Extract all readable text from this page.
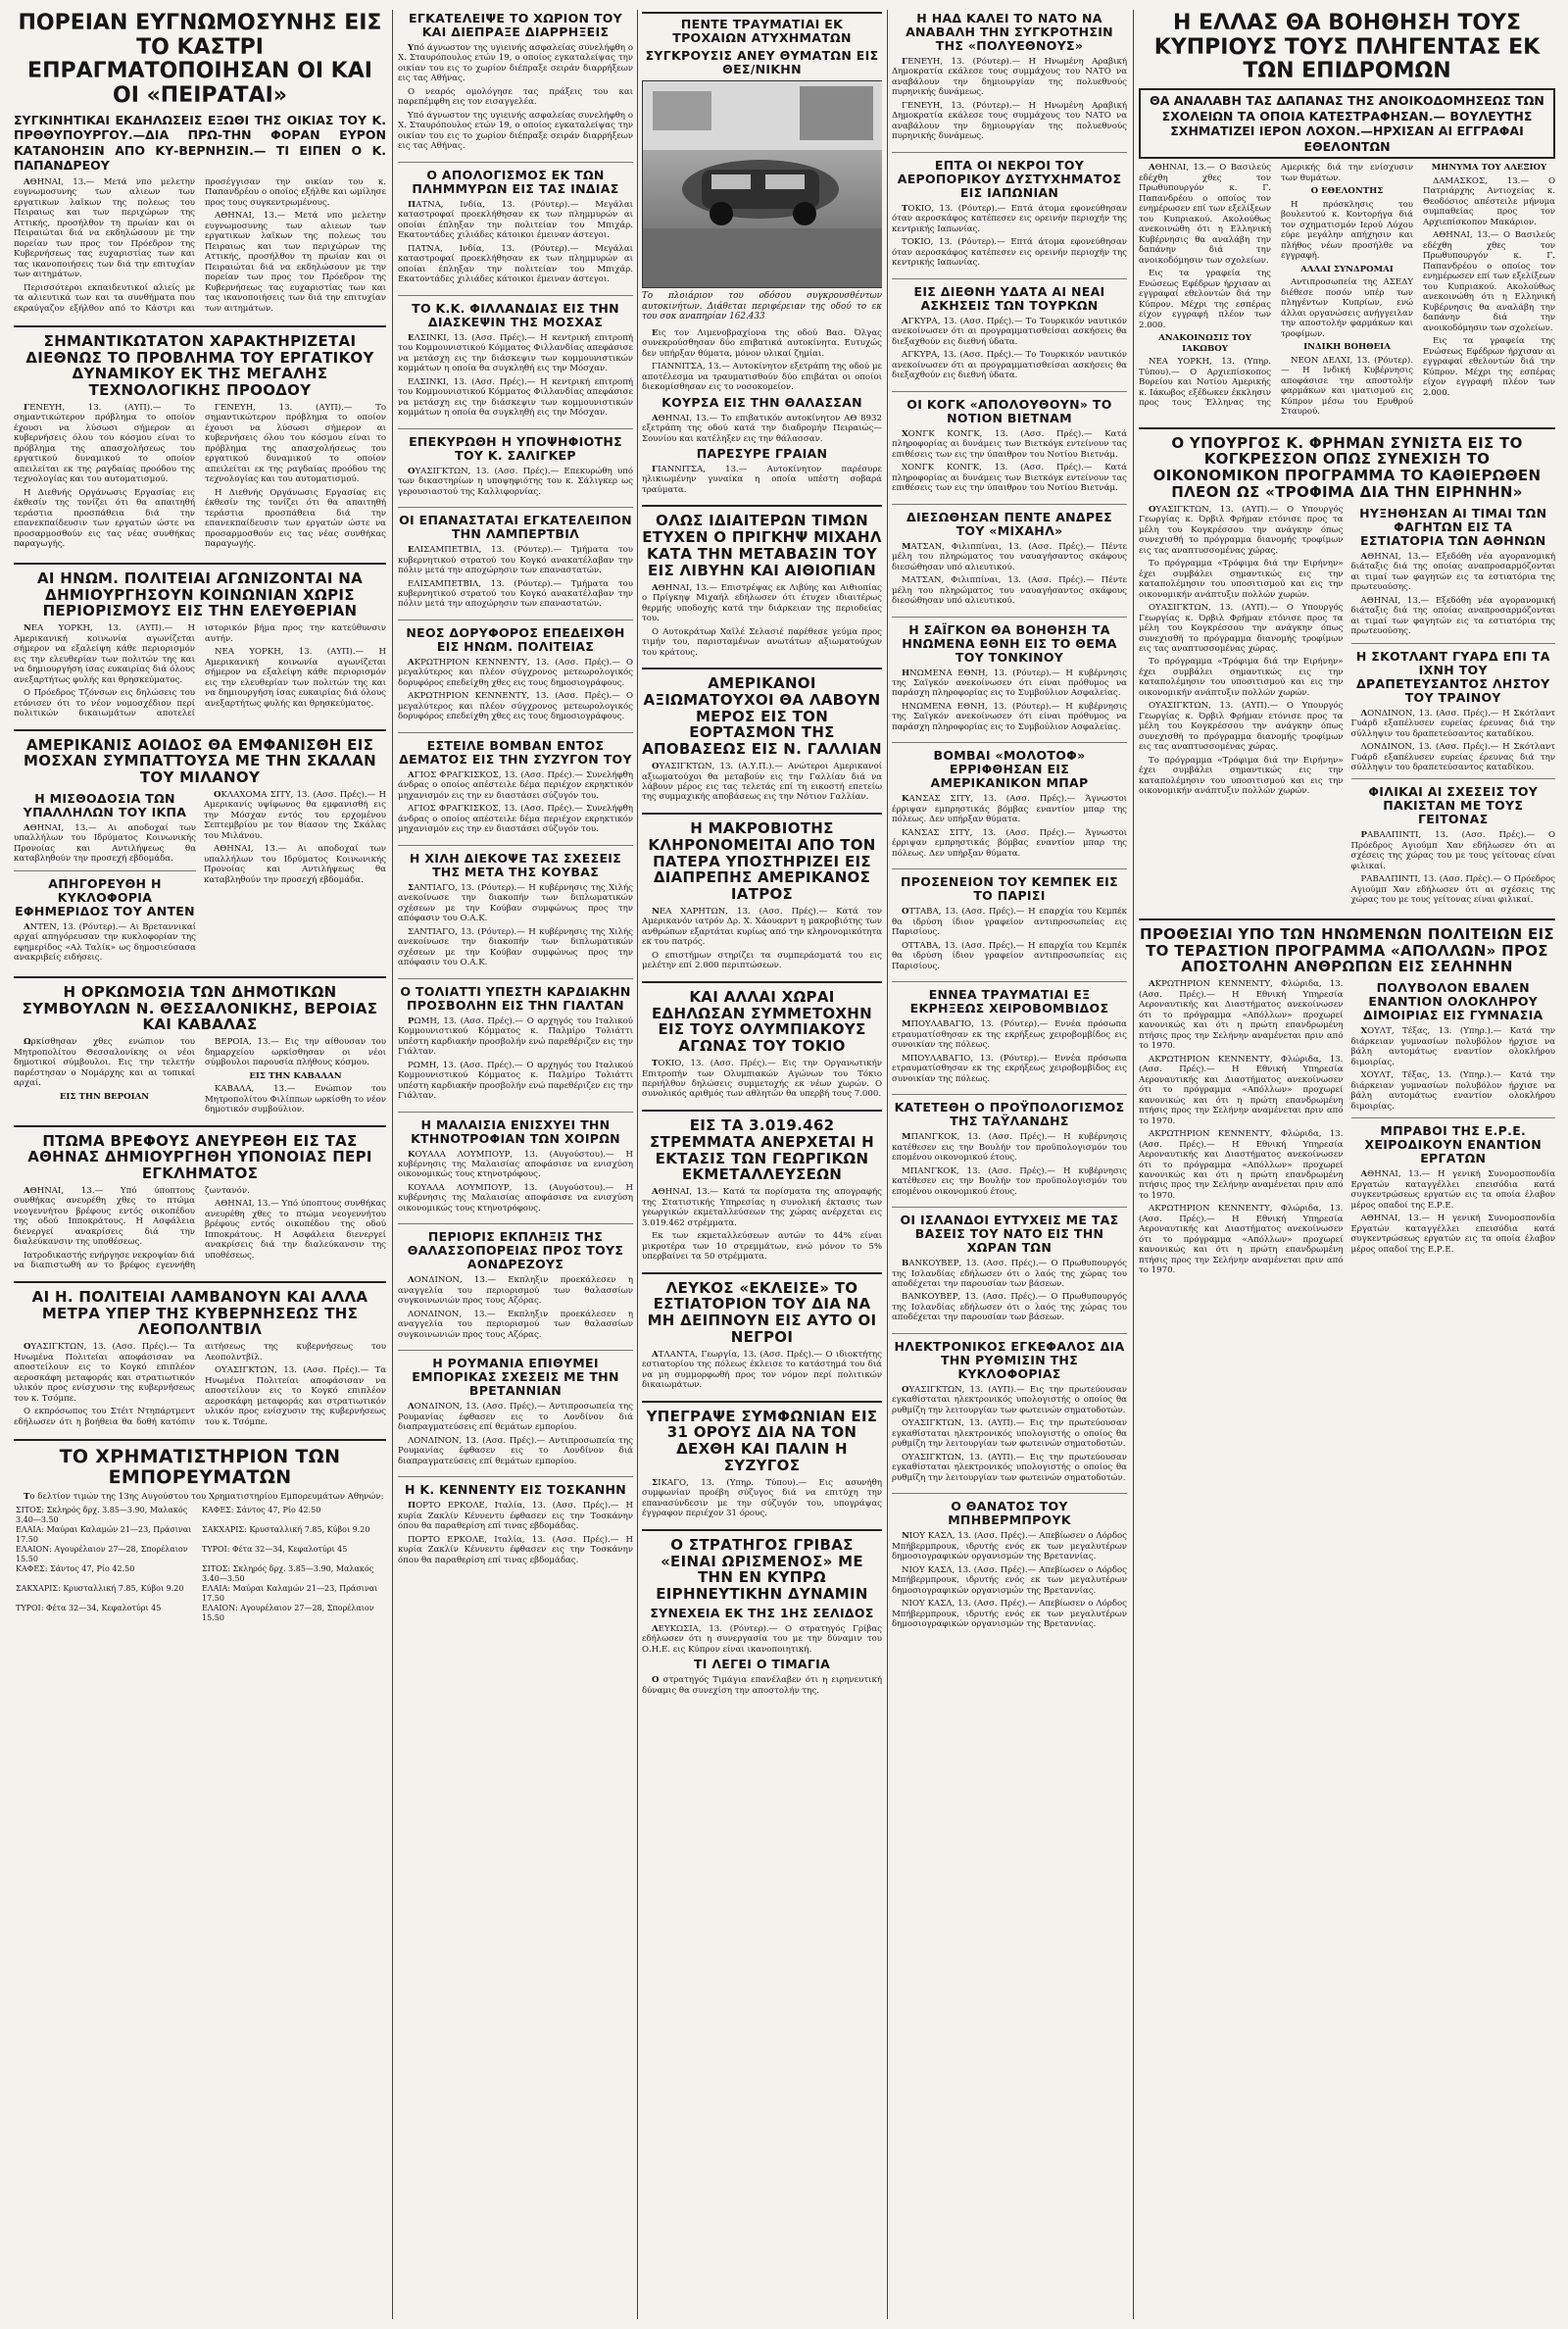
ΠΟΡΕΙΑΝ ΕΥΓΝΩΜΟΣΥΝΗΣ ΕΙΣ ΤΟ ΚΑΣΤΡΙ ΕΠΡΑΓΜΑΤΟΠΟΙΗΣΑΝ ΟΙ ΚΑΙ ΟΙ «ΠΕΙΡΑΤΑΙ»
ΣΥΓΚΙΝΗΤΙΚΑΙ ΕΚΔΗΛΩΣΕΙΣ ΕΞΩΘΙ ΤΗΣ ΟΙΚΙΑΣ ΤΟΥ Κ. ΠΡΘΘΥΠΟΥΡΓΟΥ.—ΔΙΑ ΠΡΩ-ΤΗΝ ΦΟΡΑΝ ΕΥΡΟΝ ΚΑΤΑΝΟΗΣΙΝ ΑΠΟ ΚΥ-ΒΕΡΝΗΣΙΝ.— ΤΙ ΕΙΠΕΝ Ο Κ. ΠΑΠΑΝΔΡΕΟΥ

ΑΘΗΝΑΙ, 13.— Μετά νπο μελετην ευγνωμοσυνης των αλιεων των εργατικων λαϊκων της πολεως του Πειραιως και των περιχώρων της Αττικής, προσήλθον τη πρωίαν και οι Πειραιώται διά να εκδηλώσουν με την πορείαν των προς τον Πρόεδρον της Κυβερνήσεως τας ευχαριστίας των και τας ικανοποιήσεις των διά την επιτυχίαν των αιτημάτων.

Περισσότεροι εκπαιδευτικοί αλιείς με τα αλιευτικά των και τα συνθήματα που εκραύγαζον εξήλθον από το Κάστρι και προσέγγισαν την οικίαν του κ. Παπανδρέου ο οποίος εξήλθε και ωμίλησε προς τους συγκεντρωμένους.

ΑΘΗΝΑΙ, 13.— Μετά νπο μελετην ευγνωμοσυνης των αλιεων των εργατικων λαϊκων της πολεως του Πειραιως και των περιχώρων της Αττικής, προσήλθον τη πρωίαν και οι Πειραιώται διά να εκδηλώσουν με την πορείαν των προς τον Πρόεδρον της Κυβερνήσεως τας ευχαριστίας των και τας ικανοποιήσεις των διά την επιτυχίαν των αιτημάτων.

ΣΗΜΑΝΤΙΚΩΤΑΤΟΝ ΧΑΡΑΚΤΗΡΙΖΕΤΑΙ ΔΙΕΘΝΩΣ ΤΟ ΠΡΟΒΛΗΜΑ ΤΟΥ ΕΡΓΑΤΙΚΟΥ ΔΥΝΑΜΙΚΟΥ ΕΚ ΤΗΣ ΜΕΓΑΛΗΣ ΤΕΧΝΟΛΟΓΙΚΗΣ ΠΡΟΟΔΟΥ

ΓΕΝΕΥΗ, 13. (ΑΥΠ).— Το σημαντικώτερον πρόβλημα το οποίον έχουσι να λύσωσι σήμερον αι κυβερνήσεις όλου του κόσμου είναι το πρόβλημα της απασχολήσεως του εργατικού δυναμικού το οποίον απειλείται εκ της ραγδαίας προόδου της τεχνολογίας και του αυτοματισμού.

Η Διεθνής Οργάνωσις Εργασίας εις έκθεσίν της τονίζει ότι θα απαιτηθή τεράστια προσπάθεια διά την επανεκπαίδευσιν των εργατών ώστε να προσαρμοσθούν εις τας νέας συνθήκας παραγωγής.

ΓΕΝΕΥΗ, 13. (ΑΥΠ).— Το σημαντικώτερον πρόβλημα το οποίον έχουσι να λύσωσι σήμερον αι κυβερνήσεις όλου του κόσμου είναι το πρόβλημα της απασχολήσεως του εργατικού δυναμικού το οποίον απειλείται εκ της ραγδαίας προόδου της τεχνολογίας και του αυτοματισμού.

Η Διεθνής Οργάνωσις Εργασίας εις έκθεσίν της τονίζει ότι θα απαιτηθή τεράστια προσπάθεια διά την επανεκπαίδευσιν των εργατών ώστε να προσαρμοσθούν εις τας νέας συνθήκας παραγωγής.

ΑΙ ΗΝΩΜ. ΠΟΛΙΤΕΙΑΙ ΑΓΩΝΙΖΟΝΤΑΙ ΝΑ ΔΗΜΙΟΥΡΓΗΣΟΥΝ ΚΟΙΝΩΝΙΑΝ ΧΩΡΙΣ ΠΕΡΙΟΡΙΣΜΟΥΣ ΕΙΣ ΤΗΝ ΕΛΕΥΘΕΡΙΑΝ

ΝΕΑ ΥΟΡΚΗ, 13. (ΑΥΠ).— Η Αμερικανική κοινωνία αγωνίζεται σήμερον να εξαλείψη κάθε περιορισμόν εις την ελευθερίαν των πολιτών της και να δημιουργήση ίσας ευκαιρίας διά όλους ανεξαρτήτως φυλής και θρησκεύματος.

Ο Πρόεδρος Τζόνσων εις δηλώσεις του ετόνισεν ότι το νέον νομοσχέδιον περί πολιτικών δικαιωμάτων αποτελεί ιστορικόν βήμα προς την κατεύθυνσιν αυτήν.

ΝΕΑ ΥΟΡΚΗ, 13. (ΑΥΠ).— Η Αμερικανική κοινωνία αγωνίζεται σήμερον να εξαλείψη κάθε περιορισμόν εις την ελευθερίαν των πολιτών της και να δημιουργήση ίσας ευκαιρίας διά όλους ανεξαρτήτως φυλής και θρησκεύματος.

ΑΜΕΡΙΚΑΝΙΣ ΑΟΙΔΟΣ ΘΑ ΕΜΦΑΝΙΣΘΗ ΕΙΣ ΜΟΣΧΑΝ ΣΥΜΠΑΤΤΟΥΣΑ ΜΕ ΤΗΝ ΣΚΑΛΑΝ ΤΟΥ ΜΙΛΑΝΟΥ
Η ΜΙΣΘΟΔΟΣΙΑ ΤΩΝ ΥΠΑΛΛΗΛΩΝ ΤΟΥ ΙΚΠΑ

ΑΘΗΝΑΙ, 13.— Αι αποδοχαί των υπαλλήλων του Ιδρύματος Κοινωνικής Προνοίας και Αντιλήψεως θα καταβληθούν την προσεχή εβδομάδα.

ΑΠΗΓΟΡΕΥΘΗ Η ΚΥΚΛΟΦΟΡΙΑ ΕΦΗΜΕΡΙΔΟΣ ΤΟΥ ΑΝΤΕΝ

ΑΝΤΕΝ, 13. (Ρόυτερ).— Αι Βρεταννικαί αρχαί απηγόρευσαν την κυκλοφορίαν της εφημερίδος «Αλ Ταλίκ» ως δημοσιεύσασα ανακριβείς ειδήσεις.

ΟΚΛΑΧΟΜΑ ΣΙΤΥ, 13. (Ασσ. Πρές).— Η Αμερικανίς υψίφωνος θα εμφανισθή εις την Μόσχαν εντός του ερχομένου Σεπτεμβρίου με τον θίασον της Σκάλας του Μιλάνου.

ΑΘΗΝΑΙ, 13.— Αι αποδοχαί των υπαλλήλων του Ιδρύματος Κοινωνικής Προνοίας και Αντιλήψεως θα καταβληθούν την προσεχή εβδομάδα.

Η ΟΡΚΩΜΟΣΙΑ ΤΩΝ ΔΗΜΟΤΙΚΩΝ ΣΥΜΒΟΥΛΩΝ Ν. ΘΕΣΣΑΛΟΝΙΚΗΣ, ΒΕΡΟΙΑΣ ΚΑΙ ΚΑΒΑΛΑΣ

Ωρκίσθησαν χθες ενώπιον του Μητροπολίτου Θεσσαλονίκης οι νέοι δημοτικοί σύμβουλοι. Εις την τελετήν παρέστησαν ο Νομάρχης και αι τοπικαί αρχαί.

ΕΙΣ ΤΗΝ ΒΕΡΟΙΑΝ

ΒΕΡΟΙΑ, 13.— Εις την αίθουσαν του δημαρχείου ωρκίσθησαν οι νέοι σύμβουλοι παρουσία πλήθους κόσμου.

ΕΙΣ ΤΗΝ ΚΑΒΑΛΑΝ

ΚΑΒΑΛΑ, 13.— Ενώπιον του Μητροπολίτου Φιλίππων ωρκίσθη το νέον δημοτικόν συμβούλιον.

ΠΤΩΜΑ ΒΡΕΦΟΥΣ ΑΝΕΥΡΕΘΗ ΕΙΣ ΤΑΣ ΑΘΗΝΑΣ ΔΗΜΙΟΥΡΓΗΘΗ ΥΠΟΝΟΙΑΣ ΠΕΡΙ ΕΓΚΛΗΜΑΤΟΣ

ΑΘΗΝΑΙ, 13.— Υπό ύποπτους συνθήκας ανευρέθη χθες το πτώμα νεογεννήτου βρέφους εντός οικοπέδου της οδού Ιπποκράτους. Η Ασφάλεια διενεργεί ανακρίσεις διά την διαλεύκανσιν της υποθέσεως.

Ιατροδικαστής ενήργησε νεκροψίαν διά να διαπιστωθή αν το βρέφος εγεννήθη ζωντανόν.

ΑΘΗΝΑΙ, 13.— Υπό ύποπτους συνθήκας ανευρέθη χθες το πτώμα νεογεννήτου βρέφους εντός οικοπέδου της οδού Ιπποκράτους. Η Ασφάλεια διενεργεί ανακρίσεις διά την διαλεύκανσιν της υποθέσεως.

ΑΙ Η. ΠΟΛΙΤΕΙΑΙ ΛΑΜΒΑΝΟΥΝ ΚΑΙ ΑΛΛΑ ΜΕΤΡΑ ΥΠΕΡ ΤΗΣ ΚΥΒΕΡΝΗΣΕΩΣ ΤΗΣ ΛΕΟΠΟΛΝΤΒΙΛ

ΟΥΑΣΙΓΚΤΩΝ, 13. (Ασσ. Πρές).— Τα Ηνωμένα Πολιτείαι αποφάσισαν να αποστείλουν εις το Κογκό επιπλέον αεροσκάφη μεταφοράς και στρατιωτικόν υλικόν προς ενίσχυσιν της κυβερνήσεως του κ. Τσόμπε.

Ο εκπρόσωπος του Στέιτ Ντηπάρτμεντ εδήλωσεν ότι η βοήθεια θα δοθή κατόπιν αιτήσεως της κυβερνήσεως του Λεοπολντβίλ.

ΟΥΑΣΙΓΚΤΩΝ, 13. (Ασσ. Πρές).— Τα Ηνωμένα Πολιτείαι αποφάσισαν να αποστείλουν εις το Κογκό επιπλέον αεροσκάφη μεταφοράς και στρατιωτικόν υλικόν προς ενίσχυσιν της κυβερνήσεως του κ. Τσόμπε.

ΤΟ ΧΡΗΜΑΤΙΣΤΗΡΙΟΝ ΤΩΝ ΕΜΠΟΡΕΥΜΑΤΩΝ

Το δελτίον τιμών της 13ης Αυγούστου του Χρηματιστηρίου Εμπορευμάτων Αθηνών:

ΣΙΤΟΣ: Σκληρός δρχ. 3.85—3.90, Μαλακός 3.40—3.50	ΚΑΦΕΣ: Σάντος 47, Ρίο 42.50
ΕΛΑΙΑ: Μαύραι Καλαμών 21—23, Πράσιναι 17.50	ΣΑΚΧΑΡΙΣ: Κρυσταλλική 7.85, Κύβοι 9.20
ΕΛΑΙΟΝ: Αγουρέλαιον 27—28, Σπορέλαιον 15.50	ΤΥΡΟΙ: Φέτα 32—34, Κεφαλοτύρι 45
ΚΑΦΕΣ: Σάντος 47, Ρίο 42.50	ΣΙΤΟΣ: Σκληρός δρχ. 3.85—3.90, Μαλακός 3.40—3.50
ΣΑΚΧΑΡΙΣ: Κρυσταλλική 7.85, Κύβοι 9.20	ΕΛΑΙΑ: Μαύραι Καλαμών 21—23, Πράσιναι 17.50
ΤΥΡΟΙ: Φέτα 32—34, Κεφαλοτύρι 45	ΕΛΑΙΟΝ: Αγουρέλαιον 27—28, Σπορέλαιον 15.50
ΕΓΚΑΤΕΛΕΙΨΕ ΤΟ ΧΩΡΙΟΝ ΤΟΥ ΚΑΙ ΔΙΕΠΡΑΞΕ ΔΙΑΡΡΗΞΕΙΣ

Υπό άγνωστον της υγιεινής ασφαλείας συνελήφθη ο Χ. Σταυρόπουλος ετών 19, ο οποίος εγκαταλείψας την οικίαν του εις το χωρίον διέπραξε σειράν διαρρήξεων εις τας Αθήνας.

Ο νεαρός ομολόγησε τας πράξεις του και παρεπέμφθη εις τον εισαγγελέα.

Υπό άγνωστον της υγιεινής ασφαλείας συνελήφθη ο Χ. Σταυρόπουλος ετών 19, ο οποίος εγκαταλείψας την οικίαν του εις το χωρίον διέπραξε σειράν διαρρήξεων εις τας Αθήνας.

Ο ΑΠΟΛΟΓΙΣΜΟΣ ΕΚ ΤΩΝ ΠΛΗΜΜΥΡΩΝ ΕΙΣ ΤΑΣ ΙΝΔΙΑΣ

ΠΑΤΝΑ, Ινδία, 13. (Ρόυτερ).— Μεγάλαι καταστροφαί προεκλήθησαν εκ των πλημμυρών αι οποίαι έπληξαν την πολιτείαν του Μπιχάρ. Εκατοντάδες χιλιάδες κάτοικοι έμειναν άστεγοι.

ΠΑΤΝΑ, Ινδία, 13. (Ρόυτερ).— Μεγάλαι καταστροφαί προεκλήθησαν εκ των πλημμυρών αι οποίαι έπληξαν την πολιτείαν του Μπιχάρ. Εκατοντάδες χιλιάδες κάτοικοι έμειναν άστεγοι.

ΤΟ Κ.Κ. ΦΙΛΛΑΝΔΙΑΣ ΕΙΣ ΤΗΝ ΔΙΑΣΚΕΨΙΝ ΤΗΣ ΜΟΣΧΑΣ

ΕΛΣΙΝΚΙ, 13. (Ασσ. Πρές).— Η κεντρική επιτροπή του Κομμουνιστικού Κόμματος Φιλλανδίας απεφάσισε να μετάσχη εις την διάσκεψιν των κομμουνιστικών κομμάτων η οποία θα συγκληθή εις την Μόσχαν.

ΕΛΣΙΝΚΙ, 13. (Ασσ. Πρές).— Η κεντρική επιτροπή του Κομμουνιστικού Κόμματος Φιλλανδίας απεφάσισε να μετάσχη εις την διάσκεψιν των κομμουνιστικών κομμάτων η οποία θα συγκληθή εις την Μόσχαν.

ΕΠΕΚΥΡΩΘΗ Η ΥΠΟΨΗΦΙΟΤΗΣ ΤΟΥ Κ. ΣΑΛΙΓΚΕΡ

ΟΥΑΣΙΓΚΤΩΝ, 13. (Ασσ. Πρές).— Επεκυρώθη υπό των δικαστηρίων η υποψηφιότης του κ. Σάλιγκερ ως γερουσιαστού της Καλλιφορνίας.

ΟΙ ΕΠΑΝΑΣΤΑΤΑΙ ΕΓΚΑΤΕΛΕΙΠΟΝ ΤΗΝ ΛΑΜΠΕΡΤΒΙΛ

ΕΛΙΣΑΜΠΕΤΒΙΛ, 13. (Ρόυτερ).— Τμήματα του κυβερνητικού στρατού του Κογκό ανακατέλαβαν την πόλιν μετά την αποχώρησιν των επαναστατών.

ΕΛΙΣΑΜΠΕΤΒΙΛ, 13. (Ρόυτερ).— Τμήματα του κυβερνητικού στρατού του Κογκό ανακατέλαβαν την πόλιν μετά την αποχώρησιν των επαναστατών.

ΝΕΟΣ ΔΟΡΥΦΟΡΟΣ ΕΠΕΔΕΙΧΘΗ ΕΙΣ ΗΝΩΜ. ΠΟΛΙΤΕΙΑΣ

ΑΚΡΩΤΗΡΙΟΝ ΚΕΝΝΕΝΤΥ, 13. (Ασσ. Πρές).— Ο μεγαλύτερος και πλέον σύγχρονος μετεωρολογικός δορυφόρος επεδείχθη χθες εις τους δημοσιογράφους.

ΑΚΡΩΤΗΡΙΟΝ ΚΕΝΝΕΝΤΥ, 13. (Ασσ. Πρές).— Ο μεγαλύτερος και πλέον σύγχρονος μετεωρολογικός δορυφόρος επεδείχθη χθες εις τους δημοσιογράφους.

ΕΣΤΕΙΛΕ ΒΟΜΒΑΝ ΕΝΤΟΣ ΔΕΜΑΤΟΣ ΕΙΣ ΤΗΝ ΣΥΖΥΓΟΝ ΤΟΥ

ΑΓΙΟΣ ΦΡΑΓΚΙΣΚΟΣ, 13. (Ασσ. Πρές).— Συνελήφθη άνδρας ο οποίος απέστειλε δέμα περιέχον εκρηκτικόν μηχανισμόν εις την εν διαστάσει σύζυγόν του.

ΑΓΙΟΣ ΦΡΑΓΚΙΣΚΟΣ, 13. (Ασσ. Πρές).— Συνελήφθη άνδρας ο οποίος απέστειλε δέμα περιέχον εκρηκτικόν μηχανισμόν εις την εν διαστάσει σύζυγόν του.

Η ΧΙΛΗ ΔΙΕΚΟΨΕ ΤΑΣ ΣΧΕΣΕΙΣ ΤΗΣ ΜΕΤΑ ΤΗΣ ΚΟΥΒΑΣ

ΣΑΝΤΙΑΓΟ, 13. (Ρόυτερ).— Η κυβέρνησις της Χιλής ανεκοίνωσε την διακοπήν των διπλωματικών σχέσεων με την Κούβαν συμφώνως προς την απόφασιν του Ο.Α.Κ.

ΣΑΝΤΙΑΓΟ, 13. (Ρόυτερ).— Η κυβέρνησις της Χιλής ανεκοίνωσε την διακοπήν των διπλωματικών σχέσεων με την Κούβαν συμφώνως προς την απόφασιν του Ο.Α.Κ.

Ο ΤΟΛΙΑΤΤΙ ΥΠΕΣΤΗ ΚΑΡΔΙΑΚΗΝ ΠΡΟΣΒΟΛΗΝ ΕΙΣ ΤΗΝ ΓΙΑΛΤΑΝ

ΡΩΜΗ, 13. (Ασσ. Πρές).— Ο αρχηγός του Ιταλικού Κομμουνιστικού Κόμματος κ. Παλμίρο Τολιάττι υπέστη καρδιακήν προσβολήν ενώ παρεθέριζεν εις την Γιάλταν.

ΡΩΜΗ, 13. (Ασσ. Πρές).— Ο αρχηγός του Ιταλικού Κομμουνιστικού Κόμματος κ. Παλμίρο Τολιάττι υπέστη καρδιακήν προσβολήν ενώ παρεθέριζεν εις την Γιάλταν.

Η ΜΑΛΑΙΣΙΑ ΕΝΙΣΧΥΕΙ ΤΗΝ ΚΤΗΝΟΤΡΟΦΙΑΝ ΤΩΝ ΧΟΙΡΩΝ

ΚΟΥΑΛΑ ΛΟΥΜΠΟΥΡ, 13. (Αυγούστου).— Η κυβέρνησις της Μαλαισίας αποφάσισε να ενισχύση οικονομικώς τους κτηνοτρόφους.

ΚΟΥΑΛΑ ΛΟΥΜΠΟΥΡ, 13. (Αυγούστου).— Η κυβέρνησις της Μαλαισίας αποφάσισε να ενισχύση οικονομικώς τους κτηνοτρόφους.

ΠΕΡΙΟΡΙΣ ΕΚΠΛΗΞΙΣ ΤΗΣ ΘΑΛΑΣΣΟΠΟΡΕΙΑΣ ΠΡΟΣ ΤΟΥΣ ΑΟΝΔΡΕΖΟΥΣ

ΛΟΝΔΙΝΟΝ, 13.— Εκπληξιν προεκάλεσεν η αναγγελία του περιορισμού των θαλασσίων συγκοινωνιών προς τους Αζόρας.

ΛΟΝΔΙΝΟΝ, 13.— Εκπληξιν προεκάλεσεν η αναγγελία του περιορισμού των θαλασσίων συγκοινωνιών προς τους Αζόρας.

Η ΡΟΥΜΑΝΙΑ ΕΠΙΘΥΜΕΙ ΕΜΠΟΡΙΚΑΣ ΣΧΕΣΕΙΣ ΜΕ ΤΗΝ ΒΡΕΤΑΝΝΙΑΝ

ΛΟΝΔΙΝΟΝ, 13. (Ασσ. Πρές).— Αντιπροσωπεία της Ρουμανίας έφθασεν εις το Λονδίνον διά διαπραγματεύσεις επί θεμάτων εμπορίου.

ΛΟΝΔΙΝΟΝ, 13. (Ασσ. Πρές).— Αντιπροσωπεία της Ρουμανίας έφθασεν εις το Λονδίνον διά διαπραγματεύσεις επί θεμάτων εμπορίου.

Η Κ. ΚΕΝΝΕΝΤΥ ΕΙΣ ΤΟΣΚΑΝΗΝ

ΠΟΡΤΟ ΕΡΚΟΛΕ, Ιταλία, 13. (Ασσ. Πρές).— Η κυρία Ζακλίν Κέννεντυ έφθασεν εις την Τοσκάνην όπου θα παραθερίση επί τινας εβδομάδας.

ΠΟΡΤΟ ΕΡΚΟΛΕ, Ιταλία, 13. (Ασσ. Πρές).— Η κυρία Ζακλίν Κέννεντυ έφθασεν εις την Τοσκάνην όπου θα παραθερίση επί τινας εβδομάδας.

ΠΕΝΤΕ ΤΡΑΥΜΑΤΙΑΙ ΕΚ ΤΡΟΧΑΙΩΝ ΑΤΥΧΗΜΑΤΩΝ
ΣΥΓΚΡΟΥΣΙΣ ΑΝΕΥ ΘΥΜΑΤΩΝ ΕΙΣ ΘΕΣ/ΝΙΚΗΝ
Το πλοιάριον του οδόσου συγκρουσθέντων αυτοκινήτων. Διάθεται περιφέρειαν της οδού το εκ του σοκ αναπηρίαν 162.433

Εις τον Λιμενοβραχίονα της οδού Βασ. Όλγας συνεκρούσθησαν δύο επιβατικά αυτοκίνητα. Ευτυχώς δεν υπήρξαν θύματα, μόνον υλικαί ζημίαι.

ΓΙΑΝΝΙΤΣΑ, 13.— Αυτοκίνητον εξετράπη της οδού με αποτέλεσμα να τραυματισθούν δύο επιβάται οι οποίοι διεκομίσθησαν εις το νοσοκομείον.

ΚΟΥΡΣΑ ΕΙΣ ΤΗΝ ΘΑΛΑΣΣΑΝ

ΑΘΗΝΑΙ, 13.— Το επιβατικόν αυτοκίνητον ΑΘ 8932 εξετράπη της οδού κατά την διαδρομήν Πειραιώς—Σουνίου και κατέληξεν εις την θάλασσαν.

ΠΑΡΕΣΥΡΕ ΓΡΑΙΑΝ

ΓΙΑΝΝΙΤΣΑ, 13.— Αυτοκίνητον παρέσυρε ηλικιωμένην γυναίκα η οποία υπέστη σοβαρά τραύματα.

ΟΛΩΣ ΙΔΙΑΙΤΕΡΩΝ ΤΙΜΩΝ ΕΤΥΧΕΝ Ο ΠΡΙΓΚΗΨ ΜΙΧΑΗΛ ΚΑΤΑ ΤΗΝ ΜΕΤΑΒΑΣΙΝ ΤΟΥ ΕΙΣ ΛΙΒΥΗΝ ΚΑΙ ΑΙΘΙΟΠΙΑΝ

ΑΘΗΝΑΙ, 13.— Επιστρέψας εκ Λιβύης και Αιθιοπίας ο Πρίγκηψ Μιχαήλ εδήλωσεν ότι έτυχεν ιδιαιτέρως θερμής υποδοχής κατά την διάρκειαν της περιοδείας του.

Ο Αυτοκράτωρ Χαϊλέ Σελασιέ παρέθεσε γεύμα προς τιμήν του, παρισταμένων ανωτάτων αξιωματούχων του κράτους.

ΑΜΕΡΙΚΑΝΟΙ ΑΞΙΩΜΑΤΟΥΧΟΙ ΘΑ ΛΑΒΟΥΝ ΜΕΡΟΣ ΕΙΣ ΤΟΝ ΕΟΡΤΑΣΜΟΝ ΤΗΣ ΑΠΟΒΑΣΕΩΣ ΕΙΣ Ν. ΓΑΛΛΙΑΝ

ΟΥΑΣΙΓΚΤΩΝ, 13. (Α.Υ.Π.).— Ανώτεροι Αμερικανοί αξιωματούχοι θα μεταβούν εις την Γαλλίαν διά να λάβουν μέρος εις τας τελετάς επί τη εικοστή επετείω της συμμαχικής αποβάσεως εις την Νότιον Γαλλίαν.

Η ΜΑΚΡΟΒΙΟΤΗΣ ΚΛΗΡΟΝΟΜΕΙΤΑΙ ΑΠΟ ΤΟΝ ΠΑΤΕΡΑ ΥΠΟΣΤΗΡΙΖΕΙ ΕΙΣ ΔΙΑΠΡΕΠΗΣ ΑΜΕΡΙΚΑΝΟΣ ΙΑΤΡΟΣ

ΝΕΑ ΧΑΡΗΤΩΝ, 13. (Ασσ. Πρές).— Κατά τον Αμερικανόν ιατρόν Δρ. Χ. Χάουαρντ η μακροβιότης των ανθρώπων εξαρτάται κυρίως από την κληρονομικότητα εκ του πατρός.

Ο επιστήμων στηρίζει τα συμπεράσματά του εις μελέτην επί 2.000 περιπτώσεων.

ΚΑΙ ΑΛΛΑΙ ΧΩΡΑΙ ΕΔΗΛΩΣΑΝ ΣΥΜΜΕΤΟΧΗΝ ΕΙΣ ΤΟΥΣ ΟΛΥΜΠΙΑΚΟΥΣ ΑΓΩΝΑΣ ΤΟΥ ΤΟΚΙΟ

ΤΟΚΙΟ, 13. (Ασσ. Πρές).— Εις την Οργανωτικήν Επιτροπήν των Ολυμπιακών Αγώνων του Τόκιο περιήλθον δηλώσεις συμμετοχής εκ νέων χωρών. Ο συνολικός αριθμός των αθλητών θα υπερβή τους 7.000.

ΕΙΣ ΤΑ 3.019.462 ΣΤΡΕΜΜΑΤΑ ΑΝΕΡΧΕΤΑΙ Η ΕΚΤΑΣΙΣ ΤΩΝ ΓΕΩΡΓΙΚΩΝ ΕΚΜΕΤΑΛΛΕΥΣΕΩΝ

ΑΘΗΝΑΙ, 13.— Κατά τα πορίσματα της απογραφής της Στατιστικής Υπηρεσίας η συνολική έκτασις των γεωργικών εκμεταλλεύσεων της χώρας ανέρχεται εις 3.019.462 στρέμματα.

Εκ των εκμεταλλεύσεων αυτών το 44% είναι μικροτέρα των 10 στρεμμάτων, ενώ μόνον το 5% υπερβαίνει τα 50 στρέμματα.

ΛΕΥΚΟΣ «ΕΚΛΕΙΣΕ» ΤΟ ΕΣΤΙΑΤΟΡΙΟΝ ΤΟΥ ΔΙΑ ΝΑ ΜΗ ΔΕΙΠΝΟΥΝ ΕΙΣ ΑΥΤΟ ΟΙ ΝΕΓΡΟΙ

ΑΤΛΑΝΤΑ, Γεωργία, 13. (Ασσ. Πρές).— Ο ιδιοκτήτης εστιατορίου της πόλεως έκλεισε το κατάστημά του διά να μη συμμορφωθή προς τον νόμον περί πολιτικών δικαιωμάτων.

ΥΠΕΓΡΑΨΕ ΣΥΜΦΩΝΙΑΝ ΕΙΣ 31 ΟΡΟΥΣ ΔΙΑ ΝΑ ΤΟΝ ΔΕΧΘΗ ΚΑΙ ΠΑΛΙΝ Η ΣΥΖΥΓΟΣ

ΣΙΚΑΓΟ, 13. (Υπηρ. Τύπου).— Εις ασυνήθη συμφωνίαν προέβη σύζυγος διά να επιτύχη την επανασύνδεσιν με την σύζυγόν του, υπογράψας έγγραφον περιέχον 31 όρους.

Ο ΣΤΡΑΤΗΓΟΣ ΓΡΙΒΑΣ «ΕΙΝΑΙ ΩΡΙΣΜΕΝΟΣ» ΜΕ ΤΗΝ ΕΝ ΚΥΠΡΩ ΕΙΡΗΝΕΥΤΙΚΗΝ ΔΥΝΑΜΙΝ
ΣΥΝΕΧΕΙΑ ΕΚ ΤΗΣ 1ΗΣ ΣΕΛΙΔΟΣ

ΛΕΥΚΩΣΙΑ, 13. (Ρόυτερ).— Ο στρατηγός Γρίβας εδήλωσεν ότι η συνεργασία του με την δύναμιν του Ο.Η.Ε. εις Κύπρον είναι ικανοποιητική.

ΤΙ ΛΕΓΕΙ Ο ΤΙΜΑΓΙΑ

Ο στρατηγός Τιμάγια επανέλαβεν ότι η ειρηνευτική δύναμις θα συνεχίση την αποστολήν της.

Η ΗΑΔ ΚΑΛΕΙ ΤΟ ΝΑΤΟ ΝΑ ΑΝΑΒΑΛΗ ΤΗΝ ΣΥΓΚΡΟΤΗΣΙΝ ΤΗΣ «ΠΟΛΥΕΘΝΟΥΣ»

ΓΕΝΕΥΗ, 13. (Ρόυτερ).— Η Ηνωμένη Αραβική Δημοκρατία εκάλεσε τους συμμάχους του ΝΑΤΟ να αναβάλουν την δημιουργίαν της πολυεθνούς πυρηνικής δυνάμεως.

ΓΕΝΕΥΗ, 13. (Ρόυτερ).— Η Ηνωμένη Αραβική Δημοκρατία εκάλεσε τους συμμάχους του ΝΑΤΟ να αναβάλουν την δημιουργίαν της πολυεθνούς πυρηνικής δυνάμεως.

ΕΠΤΑ ΟΙ ΝΕΚΡΟΙ ΤΟΥ ΑΕΡΟΠΟΡΙΚΟΥ ΔΥΣΤΥΧΗΜΑΤΟΣ ΕΙΣ ΙΑΠΩΝΙΑΝ

ΤΟΚΙΟ, 13. (Ρόυτερ).— Επτά άτομα εφονεύθησαν όταν αεροσκάφος κατέπεσεν εις ορεινήν περιοχήν της κεντρικής Ιαπωνίας.

ΤΟΚΙΟ, 13. (Ρόυτερ).— Επτά άτομα εφονεύθησαν όταν αεροσκάφος κατέπεσεν εις ορεινήν περιοχήν της κεντρικής Ιαπωνίας.

ΕΙΣ ΔΙΕΘΝΗ ΥΔΑΤΑ ΑΙ ΝΕΑΙ ΑΣΚΗΣΕΙΣ ΤΩΝ ΤΟΥΡΚΩΝ

ΑΓΚΥΡΑ, 13. (Ασσ. Πρές).— Το Τουρκικόν ναυτικόν ανεκοίνωσεν ότι αι προγραμματισθείσαι ασκήσεις θα διεξαχθούν εις διεθνή ύδατα.

ΑΓΚΥΡΑ, 13. (Ασσ. Πρές).— Το Τουρκικόν ναυτικόν ανεκοίνωσεν ότι αι προγραμματισθείσαι ασκήσεις θα διεξαχθούν εις διεθνή ύδατα.

ΟΙ ΚΟΓΚ «ΑΠΟΛΟΥΘΟΥΝ» ΤΟ ΝΟΤΙΟΝ ΒΙΕΤΝΑΜ

ΧΟΝΓΚ ΚΟΝΓΚ, 13. (Ασσ. Πρές).— Κατά πληροφορίας αι δυνάμεις των Βιετκόγκ εντείνουν τας επιθέσεις των εις την ύπαιθρον του Νοτίου Βιετνάμ.

ΧΟΝΓΚ ΚΟΝΓΚ, 13. (Ασσ. Πρές).— Κατά πληροφορίας αι δυνάμεις των Βιετκόγκ εντείνουν τας επιθέσεις των εις την ύπαιθρον του Νοτίου Βιετνάμ.

ΔΙΕΣΩΘΗΣΑΝ ΠΕΝΤΕ ΑΝΔΡΕΣ ΤΟΥ «ΜΙΧΑΗΛ»

ΜΑΤΣΑΝ, Φιλιππίναι, 13. (Ασσ. Πρές).— Πέντε μέλη του πληρώματος του ναυαγήσαντος σκάφους διεσώθησαν υπό αλιευτικού.

ΜΑΤΣΑΝ, Φιλιππίναι, 13. (Ασσ. Πρές).— Πέντε μέλη του πληρώματος του ναυαγήσαντος σκάφους διεσώθησαν υπό αλιευτικού.

Η ΣΑΪΓΚΟΝ ΘΑ ΒΟΗΘΗΣΗ ΤΑ ΗΝΩΜΕΝΑ ΕΘΝΗ ΕΙΣ ΤΟ ΘΕΜΑ ΤΟΥ ΤΟΝΚΙΝΟΥ

ΗΝΩΜΕΝΑ ΕΘΝΗ, 13. (Ρόυτερ).— Η κυβέρνησις της Σαϊγκόν ανεκοίνωσεν ότι είναι πρόθυμος να παράσχη πληροφορίας εις το Συμβούλιον Ασφαλείας.

ΗΝΩΜΕΝΑ ΕΘΝΗ, 13. (Ρόυτερ).— Η κυβέρνησις της Σαϊγκόν ανεκοίνωσεν ότι είναι πρόθυμος να παράσχη πληροφορίας εις το Συμβούλιον Ασφαλείας.

ΒΟΜΒΑΙ «ΜΟΛΟΤΟΦ» ΕΡΡΙΦΘΗΣΑΝ ΕΙΣ ΑΜΕΡΙΚΑΝΙΚΟΝ ΜΠΑΡ

ΚΑΝΣΑΣ ΣΙΤΥ, 13. (Ασσ. Πρές).— Άγνωστοι έρριψαν εμπρηστικάς βόμβας εναντίον μπαρ της πόλεως. Δεν υπήρξαν θύματα.

ΚΑΝΣΑΣ ΣΙΤΥ, 13. (Ασσ. Πρές).— Άγνωστοι έρριψαν εμπρηστικάς βόμβας εναντίον μπαρ της πόλεως. Δεν υπήρξαν θύματα.

ΠΡΟΣΕΝΕΙΟΝ ΤΟΥ ΚΕΜΠΕΚ ΕΙΣ ΤΟ ΠΑΡΙΣΙ

ΟΤΤΑΒΑ, 13. (Ασσ. Πρές).— Η επαρχία του Κεμπέκ θα ιδρύση ίδιον γραφείον αντιπροσωπείας εις Παρισίους.

ΟΤΤΑΒΑ, 13. (Ασσ. Πρές).— Η επαρχία του Κεμπέκ θα ιδρύση ίδιον γραφείον αντιπροσωπείας εις Παρισίους.

ΕΝΝΕΑ ΤΡΑΥΜΑΤΙΑΙ ΕΞ ΕΚΡΗΞΕΩΣ ΧΕΙΡΟΒΟΜΒΙΔΟΣ

ΜΠΟΥΛΑΒΑΓΙΟ, 13. (Ρόυτερ).— Εννέα πρόσωπα ετραυματίσθησαν εκ της εκρήξεως χειροβομβίδος εις συνοικίαν της πόλεως.

ΜΠΟΥΛΑΒΑΓΙΟ, 13. (Ρόυτερ).— Εννέα πρόσωπα ετραυματίσθησαν εκ της εκρήξεως χειροβομβίδος εις συνοικίαν της πόλεως.

ΚΑΤΕΤΕΘΗ Ο ΠΡΟΫΠΟΛΟΓΙΣΜΟΣ ΤΗΣ ΤΑΫΛΑΝΔΗΣ

ΜΠΑΝΓΚΟΚ, 13. (Ασσ. Πρές).— Η κυβέρνησις κατέθεσεν εις την Βουλήν τον προϋπολογισμόν του επομένου οικονομικού έτους.

ΜΠΑΝΓΚΟΚ, 13. (Ασσ. Πρές).— Η κυβέρνησις κατέθεσεν εις την Βουλήν τον προϋπολογισμόν του επομένου οικονομικού έτους.

ΟΙ ΙΣΛΑΝΔΟΙ ΕΥΤΥΧΕΙΣ ΜΕ ΤΑΣ ΒΑΣΕΙΣ ΤΟΥ ΝΑΤΟ ΕΙΣ ΤΗΝ ΧΩΡΑΝ ΤΩΝ

ΒΑΝΚΟΥΒΕΡ, 13. (Ασσ. Πρές).— Ο Πρωθυπουργός της Ισλανδίας εδήλωσεν ότι ο λαός της χώρας του αποδέχεται την παρουσίαν των βάσεων.

ΒΑΝΚΟΥΒΕΡ, 13. (Ασσ. Πρές).— Ο Πρωθυπουργός της Ισλανδίας εδήλωσεν ότι ο λαός της χώρας του αποδέχεται την παρουσίαν των βάσεων.

ΗΛΕΚΤΡΟΝΙΚΟΣ ΕΓΚΕΦΑΛΟΣ ΔΙΑ ΤΗΝ ΡΥΘΜΙΣΙΝ ΤΗΣ ΚΥΚΛΟΦΟΡΙΑΣ

ΟΥΑΣΙΓΚΤΩΝ, 13. (ΑΥΠ).— Εις την πρωτεύουσαν εγκαθίσταται ηλεκτρονικός υπολογιστής ο οποίος θα ρυθμίζη την λειτουργίαν των φωτεινών σηματοδοτών.

ΟΥΑΣΙΓΚΤΩΝ, 13. (ΑΥΠ).— Εις την πρωτεύουσαν εγκαθίσταται ηλεκτρονικός υπολογιστής ο οποίος θα ρυθμίζη την λειτουργίαν των φωτεινών σηματοδοτών.

ΟΥΑΣΙΓΚΤΩΝ, 13. (ΑΥΠ).— Εις την πρωτεύουσαν εγκαθίσταται ηλεκτρονικός υπολογιστής ο οποίος θα ρυθμίζη την λειτουργίαν των φωτεινών σηματοδοτών.

Ο ΘΑΝΑΤΟΣ ΤΟΥ ΜΠΗΒΕΡΜΠΡΟΥΚ

ΝΙΟΥ ΚΑΣΛ, 13. (Ασσ. Πρές).— Απεβίωσεν ο Λόρδος Μπήβερμπρουκ, ιδρυτής ενός εκ των μεγαλυτέρων δημοσιογραφικών οργανισμών της Βρεταννίας.

ΝΙΟΥ ΚΑΣΛ, 13. (Ασσ. Πρές).— Απεβίωσεν ο Λόρδος Μπήβερμπρουκ, ιδρυτής ενός εκ των μεγαλυτέρων δημοσιογραφικών οργανισμών της Βρεταννίας.

ΝΙΟΥ ΚΑΣΛ, 13. (Ασσ. Πρές).— Απεβίωσεν ο Λόρδος Μπήβερμπρουκ, ιδρυτής ενός εκ των μεγαλυτέρων δημοσιογραφικών οργανισμών της Βρεταννίας.

Η ΕΛΛΑΣ ΘΑ ΒΟΗΘΗΣΗ ΤΟΥΣ ΚΥΠΡΙΟΥΣ ΤΟΥΣ ΠΛΗΓΕΝΤΑΣ ΕΚ ΤΩΝ ΕΠΙΔΡΟΜΩΝ
ΘΑ ΑΝΑΛΑΒΗ ΤΑΣ ΔΑΠΑΝΑΣ ΤΗΣ ΑΝΟΙΚΟΔΟΜΗΣΕΩΣ ΤΩΝ ΣΧΟΛΕΙΩΝ ΤΑ ΟΠΟΙΑ ΚΑΤΕΣΤΡΑΦΗΣΑΝ.— ΒΟΥΛΕΥΤΗΣ ΣΧΗΜΑΤΙΖΕΙ ΙΕΡΟΝ ΛΟΧΟΝ.—ΗΡΧΙΣΑΝ ΑΙ ΕΓΓΡΑΦΑΙ ΕΘΕΛΟΝΤΩΝ

ΑΘΗΝΑΙ, 13.— Ο Βασιλεύς εδέχθη χθες τον Πρωθυπουργόν κ. Γ. Παπανδρέου ο οποίος τον ενημέρωσεν επί των εξελίξεων του Κυπριακού. Ακολούθως ανεκοινώθη ότι η Ελληνική Κυβέρνησις θα αναλάβη την δαπάνην διά την ανοικοδόμησιν των σχολείων.

Εις τα γραφεία της Ενώσεως Εφέδρων ήρχισαν αι εγγραφαί εθελοντών διά την Κύπρον. Μέχρι της εσπέρας είχον εγγραφή πλέον των 2.000.

ΑΝΑΚΟΙΝΩΣΙΣ ΤΟΥ ΙΑΚΩΒΟΥ

ΝΕΑ ΥΟΡΚΗ, 13. (Υπηρ. Τύπου).— Ο Αρχιεπίσκοπος Βορείου και Νοτίου Αμερικής κ. Ιάκωβος εξέδωκεν έκκλησιν προς τους Έλληνας της Αμερικής διά την ενίσχυσιν των θυμάτων.

Ο ΕΘΕΛΟΝΤΗΣ

Η πρόσκλησις του βουλευτού κ. Κοντορήγα διά τον σχηματισμόν Ιερού Λόχου εύρε μεγάλην απήχησιν και πλήθος νέων προσήλθε να εγγραφή.

ΑΛΛΑΙ ΣΥΝΔΡΟΜΑΙ

Αντιπροσωπεία της ΑΣΕΔΥ διέθεσε ποσόν υπέρ των πληγέντων Κυπρίων, ενώ άλλαι οργανώσεις ανήγγειλαν την αποστολήν φαρμάκων και τροφίμων.

ΙΝΔΙΚΗ ΒΟΗΘΕΙΑ

ΝΕΟΝ ΔΕΛΧΙ, 13. (Ρόυτερ).— Η Ινδική Κυβέρνησις αποφάσισε την αποστολήν φαρμάκων και ιματισμού εις Κύπρον μέσω του Ερυθρού Σταυρού.

ΜΗΝΥΜΑ ΤΟΥ ΑΛΕΞΙΟΥ

ΔΑΜΑΣΚΟΣ, 13.— Ο Πατριάρχης Αντιοχείας κ. Θεοδόσιος απέστειλε μήνυμα συμπαθείας προς τον Αρχιεπίσκοπον Μακάριον.

ΑΘΗΝΑΙ, 13.— Ο Βασιλεύς εδέχθη χθες τον Πρωθυπουργόν κ. Γ. Παπανδρέου ο οποίος τον ενημέρωσεν επί των εξελίξεων του Κυπριακού. Ακολούθως ανεκοινώθη ότι η Ελληνική Κυβέρνησις θα αναλάβη την δαπάνην διά την ανοικοδόμησιν των σχολείων.

Εις τα γραφεία της Ενώσεως Εφέδρων ήρχισαν αι εγγραφαί εθελοντών διά την Κύπρον. Μέχρι της εσπέρας είχον εγγραφή πλέον των 2.000.

Ο ΥΠΟΥΡΓΟΣ Κ. ΦΡΗΜΑΝ ΣΥΝΙΣΤΑ ΕΙΣ ΤΟ ΚΟΓΚΡΕΣΣΟΝ ΟΠΩΣ ΣΥΝΕΧΙΣΗ ΤΟ ΟΙΚΟΝΟΜΙΚΟΝ ΠΡΟΓΡΑΜΜΑ ΤΟ ΚΑΘΙΕΡΩΘΕΝ ΠΛΕΟΝ ΩΣ «ΤΡΟΦΙΜΑ ΔΙΑ ΤΗΝ ΕΙΡΗΝΗΝ»

ΟΥΑΣΙΓΚΤΩΝ, 13. (ΑΥΠ).— Ο Υπουργός Γεωργίας κ. Όρβιλ Φρήμαν ετόνισε προς τα μέλη του Κογκρέσσου την ανάγκην όπως συνεχισθή το πρόγραμμα διανομής τροφίμων εις τας αναπτυσσομένας χώρας.

Το πρόγραμμα «Τρόφιμα διά την Ειρήνην» έχει συμβάλει σημαντικώς εις την καταπολέμησιν του υποσιτισμού και εις την οικονομικήν ανάπτυξιν πολλών χωρών.

ΟΥΑΣΙΓΚΤΩΝ, 13. (ΑΥΠ).— Ο Υπουργός Γεωργίας κ. Όρβιλ Φρήμαν ετόνισε προς τα μέλη του Κογκρέσσου την ανάγκην όπως συνεχισθή το πρόγραμμα διανομής τροφίμων εις τας αναπτυσσομένας χώρας.

Το πρόγραμμα «Τρόφιμα διά την Ειρήνην» έχει συμβάλει σημαντικώς εις την καταπολέμησιν του υποσιτισμού και εις την οικονομικήν ανάπτυξιν πολλών χωρών.

ΟΥΑΣΙΓΚΤΩΝ, 13. (ΑΥΠ).— Ο Υπουργός Γεωργίας κ. Όρβιλ Φρήμαν ετόνισε προς τα μέλη του Κογκρέσσου την ανάγκην όπως συνεχισθή το πρόγραμμα διανομής τροφίμων εις τας αναπτυσσομένας χώρας.

Το πρόγραμμα «Τρόφιμα διά την Ειρήνην» έχει συμβάλει σημαντικώς εις την καταπολέμησιν του υποσιτισμού και εις την οικονομικήν ανάπτυξιν πολλών χωρών.

ΗΥΞΗΘΗΣΑΝ ΑΙ ΤΙΜΑΙ ΤΩΝ ΦΑΓΗΤΩΝ ΕΙΣ ΤΑ ΕΣΤΙΑΤΟΡΙΑ ΤΩΝ ΑΘΗΝΩΝ

ΑΘΗΝΑΙ, 13.— Εξεδόθη νέα αγορανομική διάταξις διά της οποίας αναπροσαρμόζονται αι τιμαί των φαγητών εις τα εστιατόρια της πρωτευούσης.

ΑΘΗΝΑΙ, 13.— Εξεδόθη νέα αγορανομική διάταξις διά της οποίας αναπροσαρμόζονται αι τιμαί των φαγητών εις τα εστιατόρια της πρωτευούσης.

Η ΣΚΟΤΛΑΝΤ ΓΥΑΡΔ ΕΠΙ ΤΑ ΙΧΝΗ ΤΟΥ ΔΡΑΠΕΤΕΥΣΑΝΤΟΣ ΛΗΣΤΟΥ ΤΟΥ ΤΡΑΙΝΟΥ

ΛΟΝΔΙΝΟΝ, 13. (Ασσ. Πρές).— Η Σκότλαντ Γυάρδ εξαπέλυσεν ευρείας έρευνας διά την σύλληψιν του δραπετεύσαντος καταδίκου.

ΛΟΝΔΙΝΟΝ, 13. (Ασσ. Πρές).— Η Σκότλαντ Γυάρδ εξαπέλυσεν ευρείας έρευνας διά την σύλληψιν του δραπετεύσαντος καταδίκου.

ΦΙΛΙΚΑΙ ΑΙ ΣΧΕΣΕΙΣ ΤΟΥ ΠΑΚΙΣΤΑΝ ΜΕ ΤΟΥΣ ΓΕΙΤΟΝΑΣ

ΡΑΒΑΛΠΙΝΤΙ, 13. (Ασσ. Πρές).— Ο Πρόεδρος Αγιούμπ Χαν εδήλωσεν ότι αι σχέσεις της χώρας του με τους γείτονας είναι φιλικαί.

ΡΑΒΑΛΠΙΝΤΙ, 13. (Ασσ. Πρές).— Ο Πρόεδρος Αγιούμπ Χαν εδήλωσεν ότι αι σχέσεις της χώρας του με τους γείτονας είναι φιλικαί.

ΠΡΟΘΕΣΙΑΙ ΥΠΟ ΤΩΝ ΗΝΩΜΕΝΩΝ ΠΟΛΙΤΕΙΩΝ ΕΙΣ ΤΟ ΤΕΡΑΣΤΙΟΝ ΠΡΟΓΡΑΜΜΑ «ΑΠΟΛΛΩΝ» ΠΡΟΣ ΑΠΟΣΤΟΛΗΝ ΑΝΘΡΩΠΩΝ ΕΙΣ ΣΕΛΗΝΗΝ

ΑΚΡΩΤΗΡΙΟΝ ΚΕΝΝΕΝΤΥ, Φλώριδα, 13. (Ασσ. Πρές).— Η Εθνική Υπηρεσία Αεροναυτικής και Διαστήματος ανεκοίνωσεν ότι το πρόγραμμα «Απόλλων» προχωρεί κανονικώς και ότι η πρώτη επανδρωμένη πτήσις προς την Σελήνην αναμένεται πριν από το 1970.

ΑΚΡΩΤΗΡΙΟΝ ΚΕΝΝΕΝΤΥ, Φλώριδα, 13. (Ασσ. Πρές).— Η Εθνική Υπηρεσία Αεροναυτικής και Διαστήματος ανεκοίνωσεν ότι το πρόγραμμα «Απόλλων» προχωρεί κανονικώς και ότι η πρώτη επανδρωμένη πτήσις προς την Σελήνην αναμένεται πριν από το 1970.

ΑΚΡΩΤΗΡΙΟΝ ΚΕΝΝΕΝΤΥ, Φλώριδα, 13. (Ασσ. Πρές).— Η Εθνική Υπηρεσία Αεροναυτικής και Διαστήματος ανεκοίνωσεν ότι το πρόγραμμα «Απόλλων» προχωρεί κανονικώς και ότι η πρώτη επανδρωμένη πτήσις προς την Σελήνην αναμένεται πριν από το 1970.

ΑΚΡΩΤΗΡΙΟΝ ΚΕΝΝΕΝΤΥ, Φλώριδα, 13. (Ασσ. Πρές).— Η Εθνική Υπηρεσία Αεροναυτικής και Διαστήματος ανεκοίνωσεν ότι το πρόγραμμα «Απόλλων» προχωρεί κανονικώς και ότι η πρώτη επανδρωμένη πτήσις προς την Σελήνην αναμένεται πριν από το 1970.

ΠΟΛΥΒΟΛΟΝ ΕΒΑΛΕΝ ΕΝΑΝΤΙΟΝ ΟΛΟΚΛΗΡΟΥ ΔΙΜΟΙΡΙΑΣ ΕΙΣ ΓΥΜΝΑΣΙΑ

ΧΟΥΛΤ, Τέξας, 13. (Υπηρ.).— Κατά την διάρκειαν γυμνασίων πολυβόλον ήρχισε να βάλη αυτομάτως εναντίον ολοκλήρου διμοιρίας.

ΧΟΥΛΤ, Τέξας, 13. (Υπηρ.).— Κατά την διάρκειαν γυμνασίων πολυβόλον ήρχισε να βάλη αυτομάτως εναντίον ολοκλήρου διμοιρίας.

ΜΠΡΑΒΟΙ ΤΗΣ Ε.Ρ.Ε. ΧΕΙΡΟΔΙΚΟΥΝ ΕΝΑΝΤΙΟΝ ΕΡΓΑΤΩΝ

ΑΘΗΝΑΙ, 13.— Η γενική Συνομοσπονδία Εργατών καταγγέλλει επεισόδια κατά συγκεντρώσεως εργατών εις τα οποία έλαβον μέρος οπαδοί της Ε.Ρ.Ε.

ΑΘΗΝΑΙ, 13.— Η γενική Συνομοσπονδία Εργατών καταγγέλλει επεισόδια κατά συγκεντρώσεως εργατών εις τα οποία έλαβον μέρος οπαδοί της Ε.Ρ.Ε.
